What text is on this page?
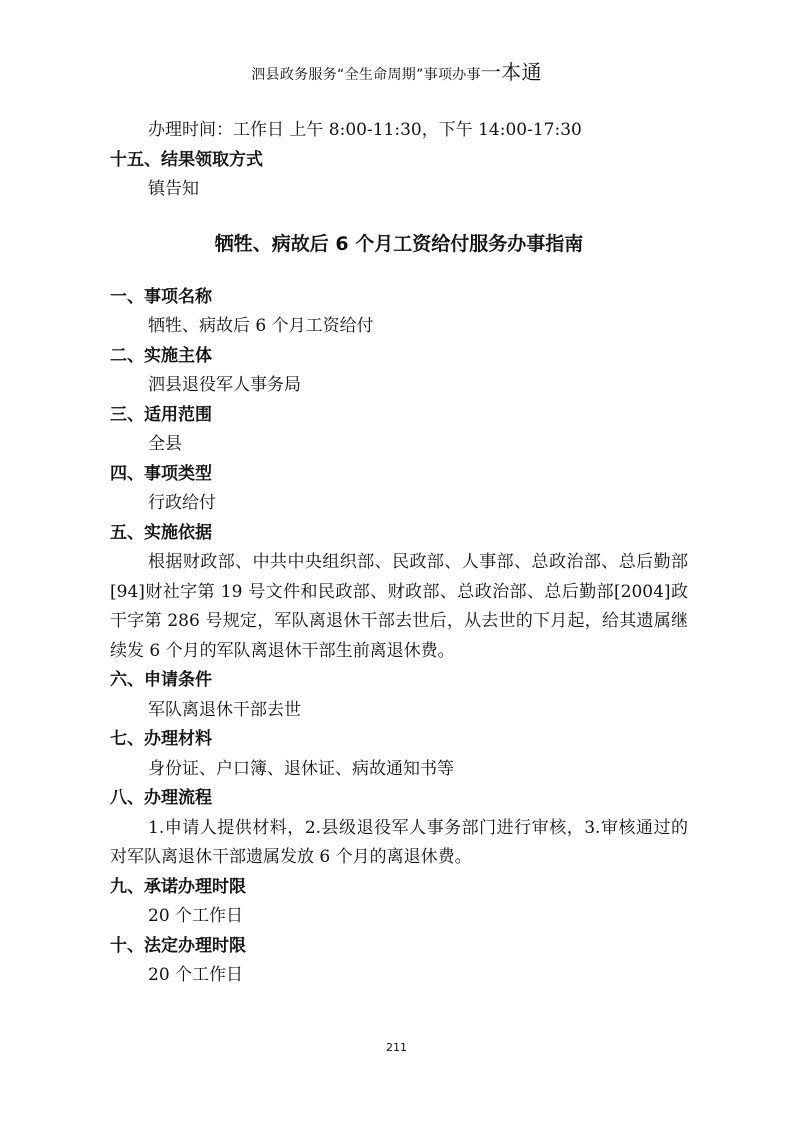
泗县政务服务“全生命周期”事项办事一本通
办理时间：工作日 上午 8:00-11:30，下午 14:00-17:30
十五、结果领取方式
镇告知
牺牲、病故后 6 个月工资给付服务办事指南
一、事项名称
牺牲、病故后 6 个月工资给付
二、实施主体
泗县退役军人事务局
三、适用范围
全县
四、事项类型
行政给付
五、实施依据
根据财政部、中共中央组织部、民政部、人事部、总政治部、总后勤部[94]财社字第 19 号文件和民政部、财政部、总政治部、总后勤部[2004]政干字第 286 号规定，军队离退休干部去世后，从去世的下月起，给其遗属继续发 6 个月的军队离退休干部生前离退休费。
六、申请条件
军队离退休干部去世
七、办理材料
身份证、户口簿、退休证、病故通知书等
八、办理流程
1.申请人提供材料，2.县级退役军人事务部门进行审核，3.审核通过的对军队离退休干部遗属发放 6 个月的离退休费。
九、承诺办理时限
20 个工作日
十、法定办理时限
20 个工作日
211
